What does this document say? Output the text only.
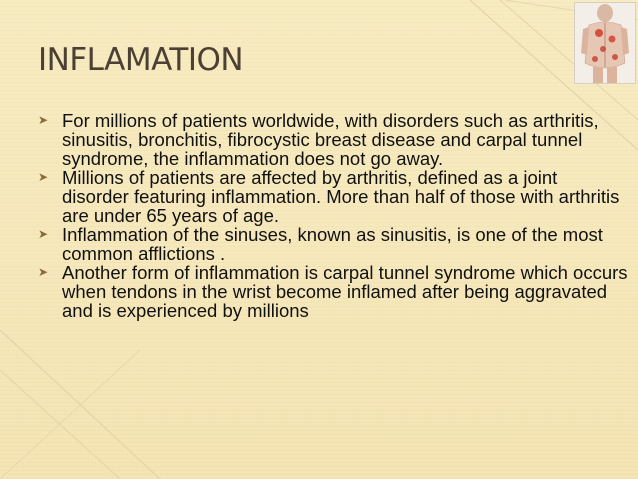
INFLAMATION
➤ For millions of patients worldwide, with disorders such as arthritis, sinusitis, bronchitis, fibrocystic breast disease and carpal tunnel syndrome, the inflammation does not go away.
➤ Millions of patients are affected by arthritis, defined as a joint disorder featuring inflammation. More than half of those with arthritis are under 65 years of age.
➤ Inflammation of the sinuses, known as sinusitis, is one of the most common afflictions .
➤ Another form of inflammation is carpal tunnel syndrome which occurs when tendons in the wrist become inflamed after being aggravated and is experienced by millions
